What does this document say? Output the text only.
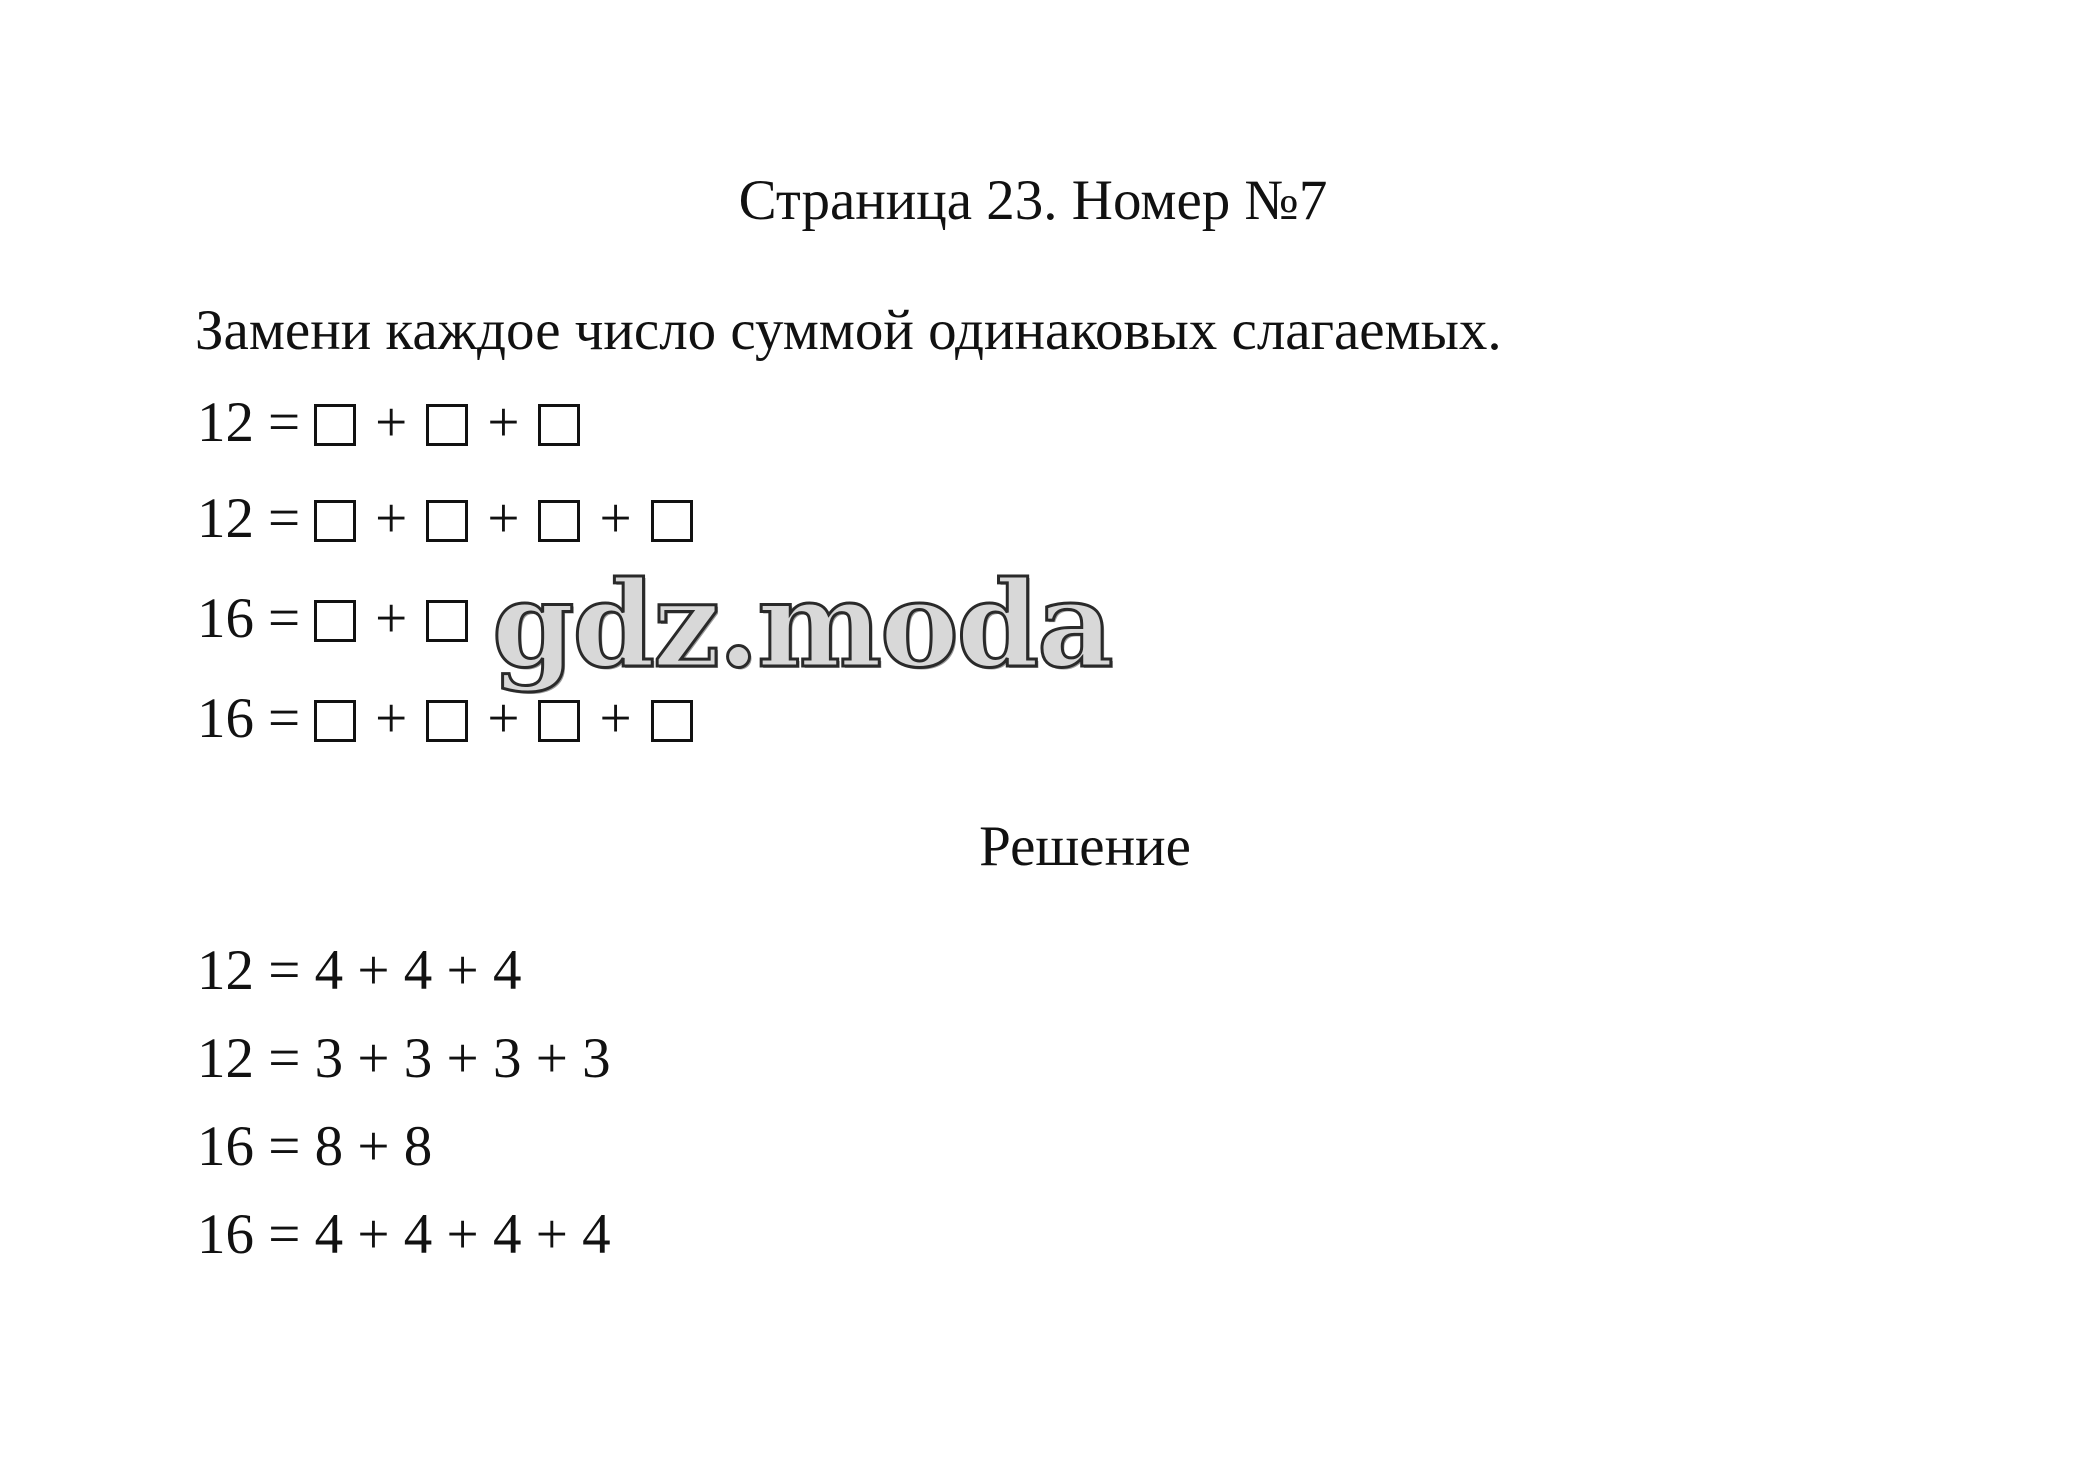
Страница 23. Номер №7
Замени каждое число суммой одинаковых слагаемых.
12 = + +
12 = + + +
16 = +
16 = + + +
Решение
12 = 4 + 4 + 4
12 = 3 + 3 + 3 + 3
16 = 8 + 8
16 = 4 + 4 + 4 + 4
gdz.moda
